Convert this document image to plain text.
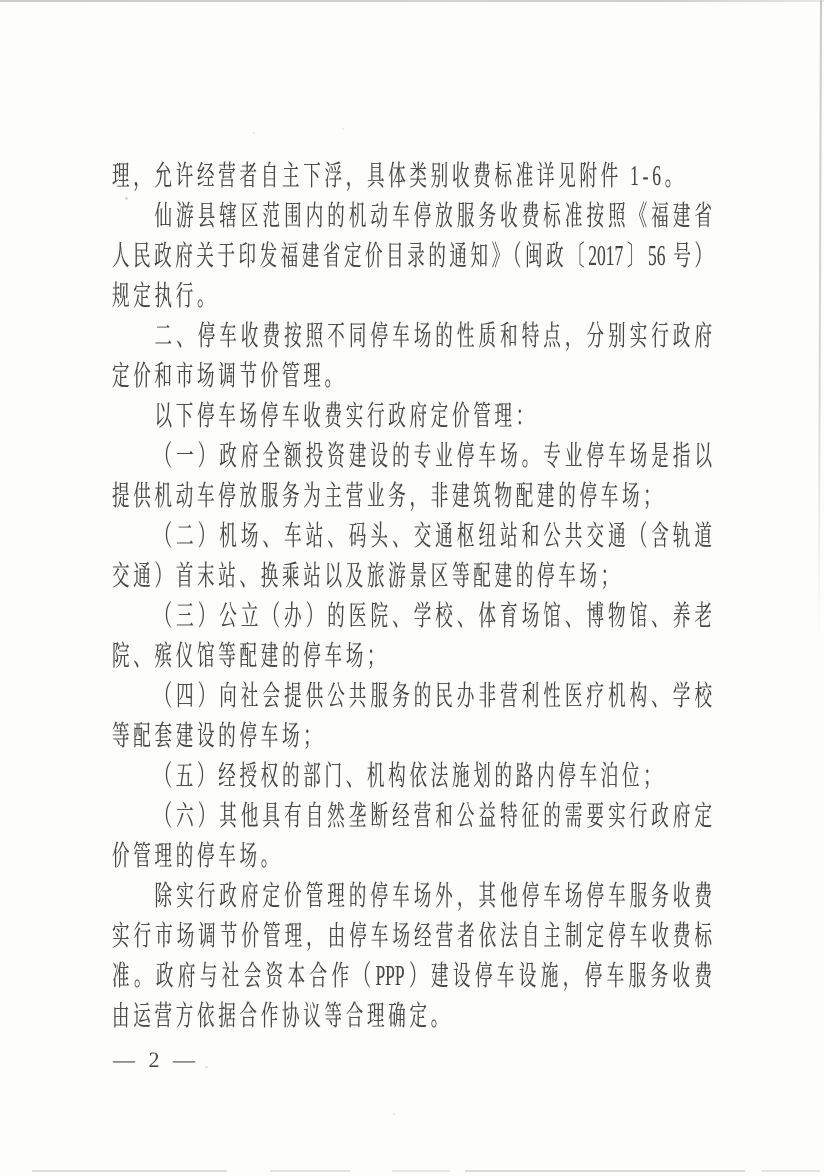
理，允许经营者自主下浮，具体类别收费标准详见附件 1-6。
仙游县辖区范围内的机动车停放服务收费标准按照《福建省
人民政府关于印发福建省定价目录的通知》（闽政〔2017〕56 号）
规定执行。
二、停车收费按照不同停车场的性质和特点，分别实行政府
定价和市场调节价管理。
以下停车场停车收费实行政府定价管理：
（一）政府全额投资建设的专业停车场。专业停车场是指以
提供机动车停放服务为主营业务，非建筑物配建的停车场；
（二）机场、车站、码头、交通枢纽站和公共交通（含轨道
交通）首末站、换乘站以及旅游景区等配建的停车场；
（三）公立（办）的医院、学校、体育场馆、博物馆、养老
院、殡仪馆等配建的停车场；
（四）向社会提供公共服务的民办非营利性医疗机构、学校
等配套建设的停车场；
（五）经授权的部门、机构依法施划的路内停车泊位；
（六）其他具有自然垄断经营和公益特征的需要实行政府定
价管理的停车场。
除实行政府定价管理的停车场外，其他停车场停车服务收费
实行市场调节价管理，由停车场经营者依法自主制定停车收费标
准。政府与社会资本合作（PPP）建设停车设施，停车服务收费
由运营方依据合作协议等合理确定。
— 2 —
